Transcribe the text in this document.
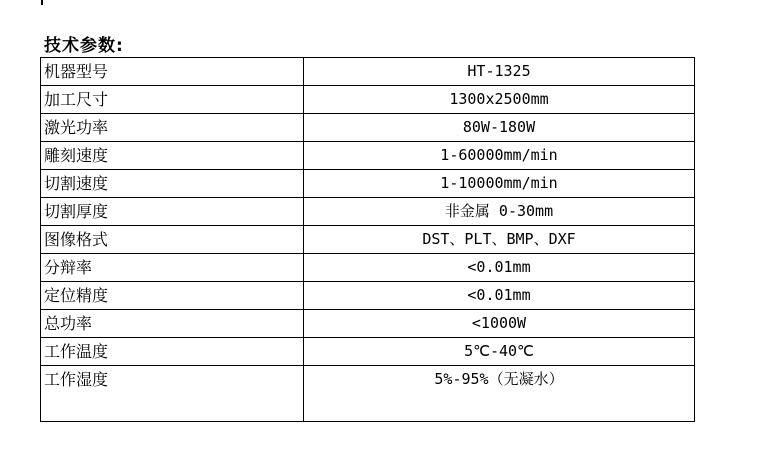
技术参数:
机器型号	HT-1325
加工尺寸	1300x2500mm
激光功率	80W-180W
雕刻速度	1-60000mm/min
切割速度	1-10000mm/min
切割厚度	非金属 0-30mm
图像格式	DST、PLT、BMP、DXF
分辩率	<0.01mm
定位精度	<0.01mm
总功率	<1000W
工作温度	5℃-40℃
工作湿度	5%-95%（无凝水）
